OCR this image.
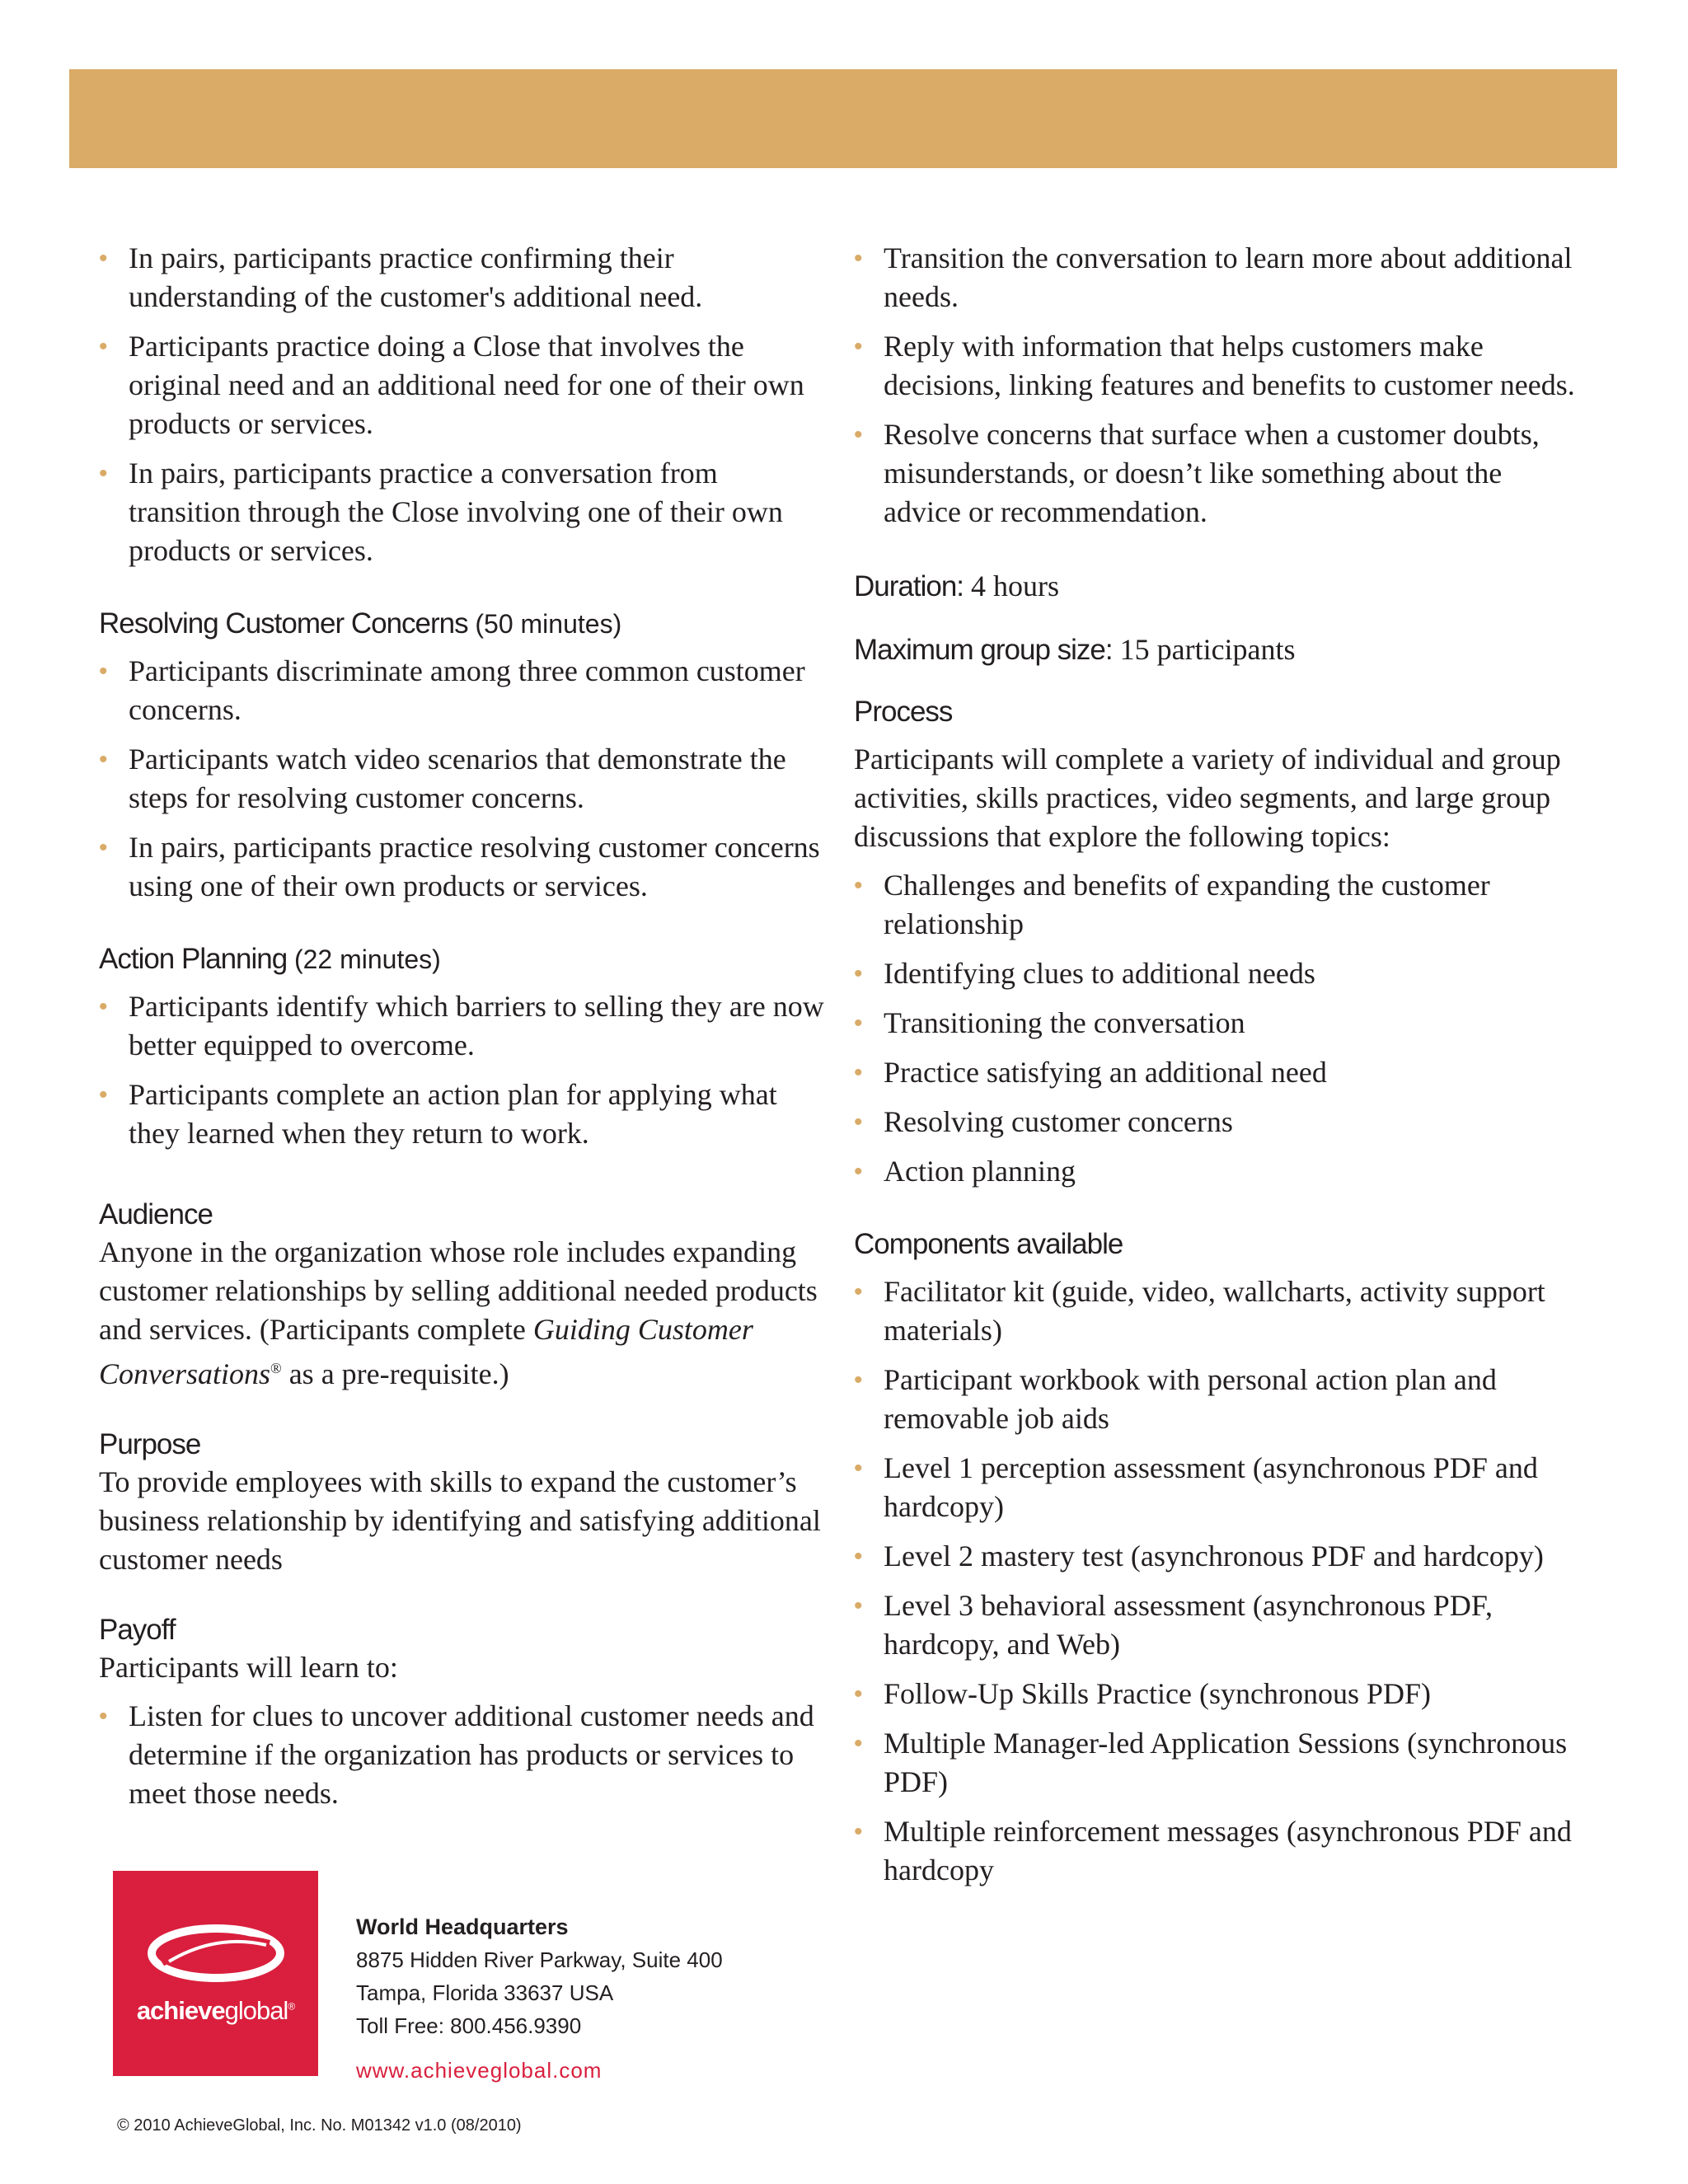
• In pairs, participants practice confirming their understanding of the customer's additional need.
• Participants practice doing a Close that involves the original need and an additional need for one of their own products or services.
• In pairs, participants practice a conversation from transition through the Close involving one of their own products or services.
Resolving Customer Concerns (50 minutes)
• Participants discriminate among three common customer concerns.
• Participants watch video scenarios that demonstrate the steps for resolving customer concerns.
• In pairs, participants practice resolving customer concerns using one of their own products or services.
Action Planning (22 minutes)
• Participants identify which barriers to selling they are now better equipped to overcome.
• Participants complete an action plan for applying what they learned when they return to work.
Audience
Anyone in the organization whose role includes expanding customer relationships by selling additional needed products and services. (Participants complete Guiding Customer Conversations® as a pre-requisite.)
Purpose
To provide employees with skills to expand the customer’s business relationship by identifying and satisfying additional customer needs
Payoff
Participants will learn to:
• Listen for clues to uncover additional customer needs and determine if the organization has products or services to meet those needs.
• Transition the conversation to learn more about additional needs.
• Reply with information that helps customers make decisions, linking features and benefits to customer needs.
• Resolve concerns that surface when a customer doubts, misunderstands, or doesn’t like something about the advice or recommendation.
Duration: 4 hours
Maximum group size: 15 participants
Process
Participants will complete a variety of individual and group activities, skills practices, video segments, and large group discussions that explore the following topics:
• Challenges and benefits of expanding the customer relationship
• Identifying clues to additional needs
• Transitioning the conversation
• Practice satisfying an additional need
• Resolving customer concerns
• Action planning
Components available
• Facilitator kit (guide, video, wallcharts, activity support materials)
• Participant workbook with personal action plan and removable job aids
• Level 1 perception assessment (asynchronous PDF and hardcopy)
• Level 2 mastery test (asynchronous PDF and hardcopy)
• Level 3 behavioral assessment (asynchronous PDF, hardcopy, and Web)
• Follow-Up Skills Practice (synchronous PDF)
• Multiple Manager-led Application Sessions (synchronous PDF)
• Multiple reinforcement messages (asynchronous PDF and hardcopy
achieveglobal®
World Headquarters
8875 Hidden River Parkway, Suite 400
Tampa, Florida 33637 USA
Toll Free: 800.456.9390
www.achieveglobal.com
© 2010 AchieveGlobal, Inc. No. M01342 v1.0 (08/2010)
